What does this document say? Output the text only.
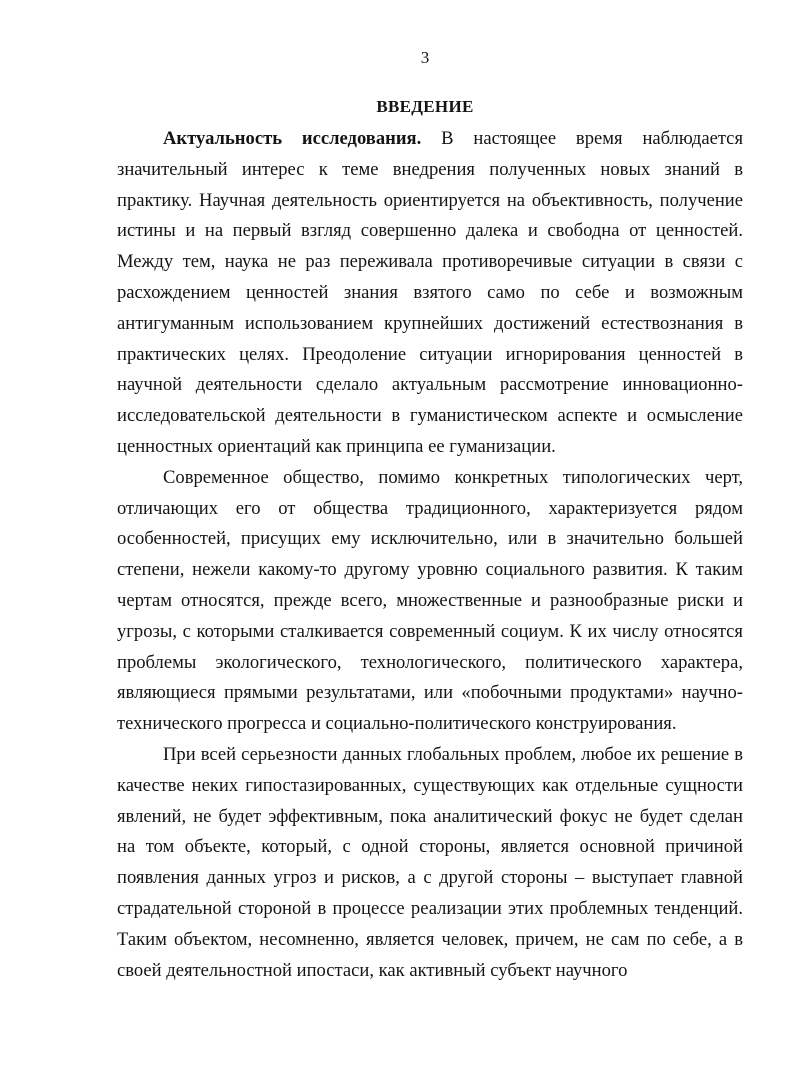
3
ВВЕДЕНИЕ

Актуальность исследования. В настоящее время наблюдается значительный интерес к теме внедрения полученных новых знаний в практику. Научная деятельность ориентируется на объективность, получение истины и на первый взгляд совершенно далека и свободна от ценностей. Между тем, наука не раз переживала противоречивые ситуации в связи с расхождением ценностей знания взятого само по себе и возможным антигуманным использованием крупнейших достижений естествознания в практических целях. Преодоление ситуации игнорирования ценностей в научной деятельности сделало актуальным рассмотрение инновационно-исследовательской деятельности в гуманистическом аспекте и осмысление ценностных ориентаций как принципа ее гуманизации.

Современное общество, помимо конкретных типологических черт, отличающих его от общества традиционного, характеризуется рядом особенностей, присущих ему исключительно, или в значительно большей степени, нежели какому-то другому уровню социального развития. К таким чертам относятся, прежде всего, множественные и разнообразные риски и угрозы, с которыми сталкивается современный социум. К их числу относятся проблемы экологического, технологического, политического характера, являющиеся прямыми результатами, или «побочными продуктами» научно-технического прогресса и социально-политического конструирования.

При всей серьезности данных глобальных проблем, любое их решение в качестве неких гипостазированных, существующих как отдельные сущности явлений, не будет эффективным, пока аналитический фокус не будет сделан на том объекте, который, с одной стороны, является основной причиной появления данных угроз и рисков, а с другой стороны – выступает главной страдательной стороной в процессе реализации этих проблемных тенденций. Таким объектом, несомненно, является человек, причем, не сам по себе, а в своей деятельностной ипостаси, как активный субъект научного
